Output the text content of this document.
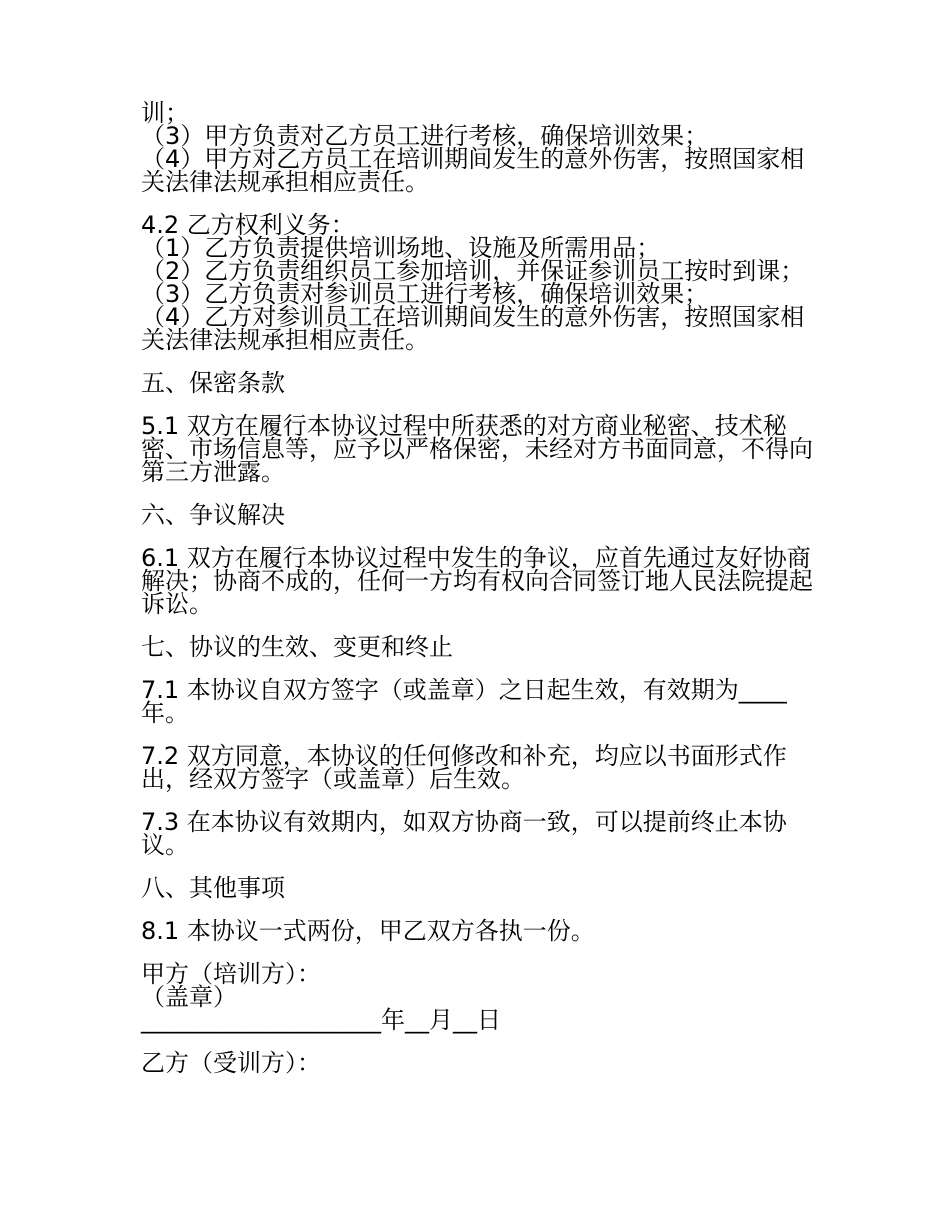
训；
（3）甲方负责对乙方员工进行考核，确保培训效果；
（4）甲方对乙方员工在培训期间发生的意外伤害，按照国家相关法律法规承担相应责任。
4.2 乙方权利义务：
（1）乙方负责提供培训场地、设施及所需用品；
（2）乙方负责组织员工参加培训，并保证参训员工按时到课；
（3）乙方负责对参训员工进行考核，确保培训效果；
（4）乙方对参训员工在培训期间发生的意外伤害，按照国家相关法律法规承担相应责任。
五、保密条款
5.1 双方在履行本协议过程中所获悉的对方商业秘密、技术秘密、市场信息等，应予以严格保密，未经对方书面同意，不得向第三方泄露。
六、争议解决
6.1 双方在履行本协议过程中发生的争议，应首先通过友好协商解决；协商不成的，任何一方均有权向合同签订地人民法院提起诉讼。
七、协议的生效、变更和终止
7.1 本协议自双方签字（或盖章）之日起生效，有效期为____年。
7.2 双方同意，本协议的任何修改和补充，均应以书面形式作出，经双方签字（或盖章）后生效。
7.3 在本协议有效期内，如双方协商一致，可以提前终止本协议。
八、其他事项
8.1 本协议一式两份，甲乙双方各执一份。
甲方（培训方）：
（盖章）
____________________年__月__日
乙方（受训方）：
